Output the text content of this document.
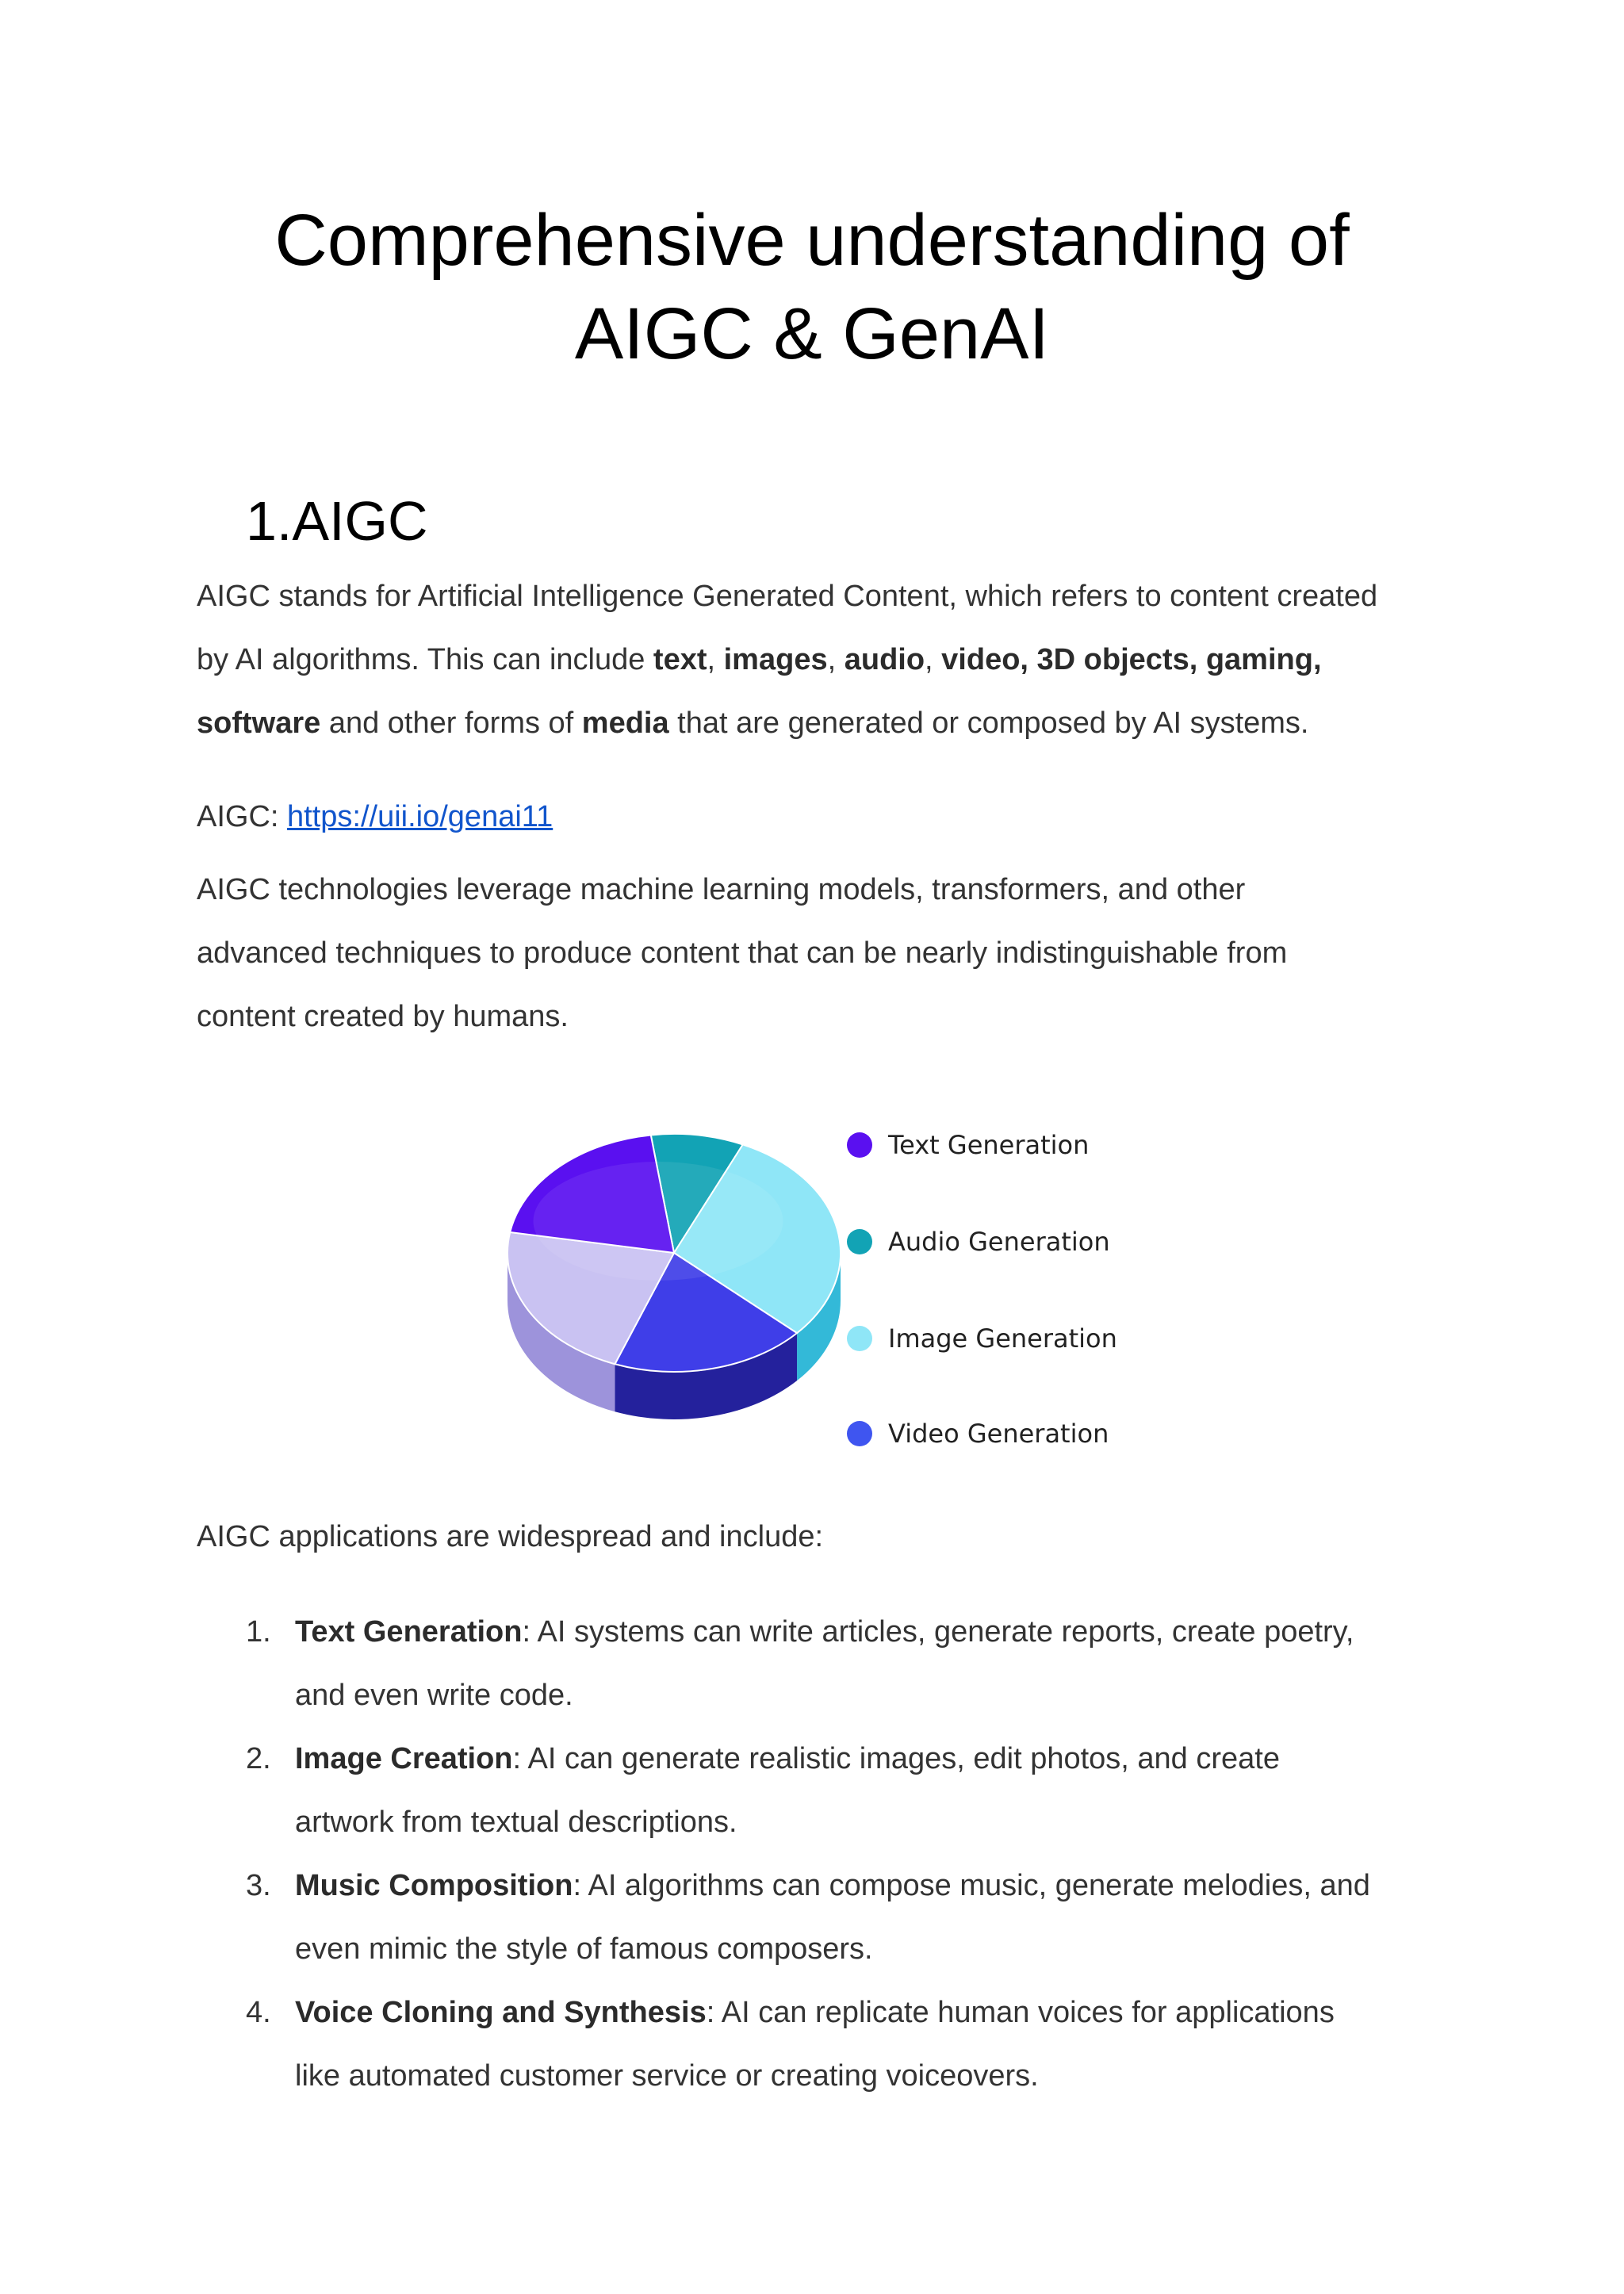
Comprehensive understanding of
AIGC & GenAI
1.AIGC

AIGC stands for Artificial Intelligence Generated Content, which refers to content created
by AI algorithms. This can include text, images, audio, video, 3D objects, gaming,
software and other forms of media that are generated or composed by AI systems.

AIGC: https://uii.io/genai11

AIGC technologies leverage machine learning models, transformers, and other
advanced techniques to produce content that can be nearly indistinguishable from
content created by humans.

Text Generation
Audio Generation
Image Generation
Video Generation

AIGC applications are widespread and include:

1. Text Generation: AI systems can write articles, generate reports, create poetry,
and even write code.
2. Image Creation: AI can generate realistic images, edit photos, and create
artwork from textual descriptions.
3. Music Composition: AI algorithms can compose music, generate melodies, and
even mimic the style of famous composers.
4. Voice Cloning and Synthesis: AI can replicate human voices for applications
like automated customer service or creating voiceovers.
